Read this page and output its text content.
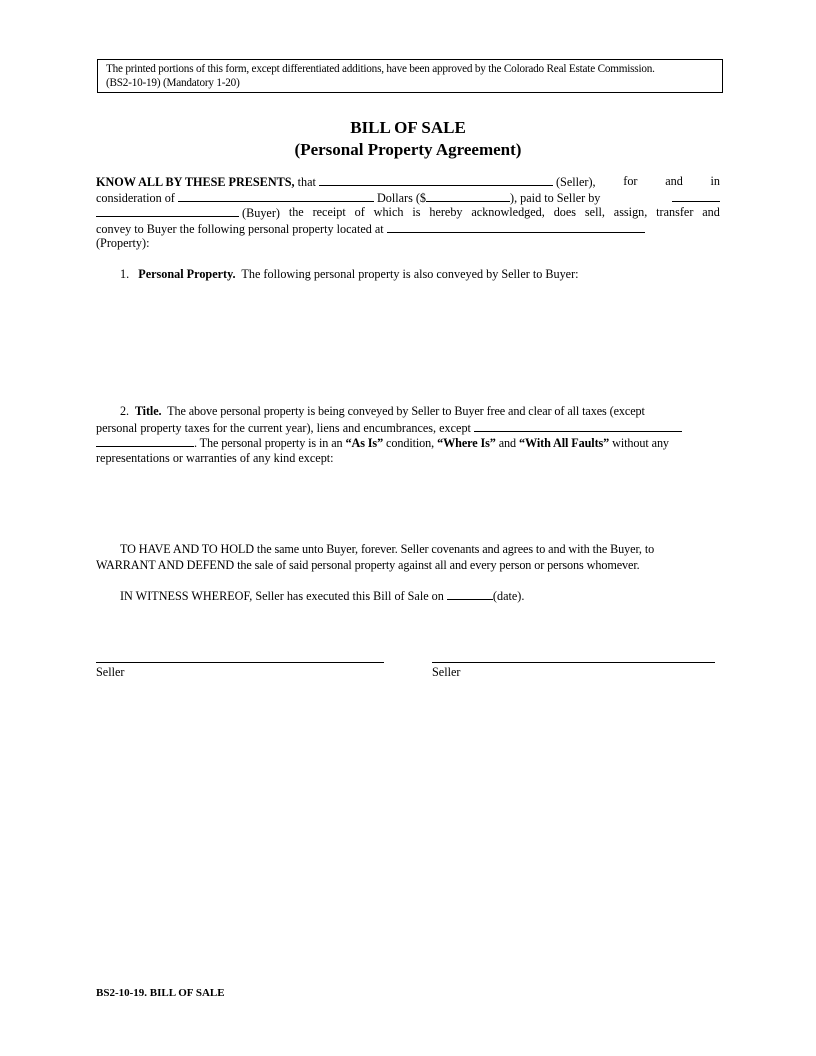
The printed portions of this form, except differentiated additions, have been approved by the Colorado Real Estate Commission.
(BS2-10-19) (Mandatory 1-20)
BILL OF SALE
(Personal Property Agreement)
KNOW ALL BY THESE PRESENTS, that	(Seller), for and in
consideration of	Dollars ($	), paid to Seller by
(Buyer) the receipt of which is hereby acknowledged, does sell, assign, transfer and
convey to Buyer the following personal property located at
(Property):
1. Personal Property. The following personal property is also conveyed by Seller to Buyer:
2. Title. The above personal property is being conveyed by Seller to Buyer free and clear of all taxes (except
personal property taxes for the current year), liens and encumbrances, except
. The personal property is in an “As Is” condition, “Where Is” and “With All Faults” without any
representations or warranties of any kind except:
TO HAVE AND TO HOLD the same unto Buyer, forever. Seller covenants and agrees to and with the Buyer, to
WARRANT AND DEFEND the sale of said personal property against all and every person or persons whomever.
IN WITNESS WHEREOF, Seller has executed this Bill of Sale on	(date).
Seller	Seller
BS2-10-19. BILL OF SALE
